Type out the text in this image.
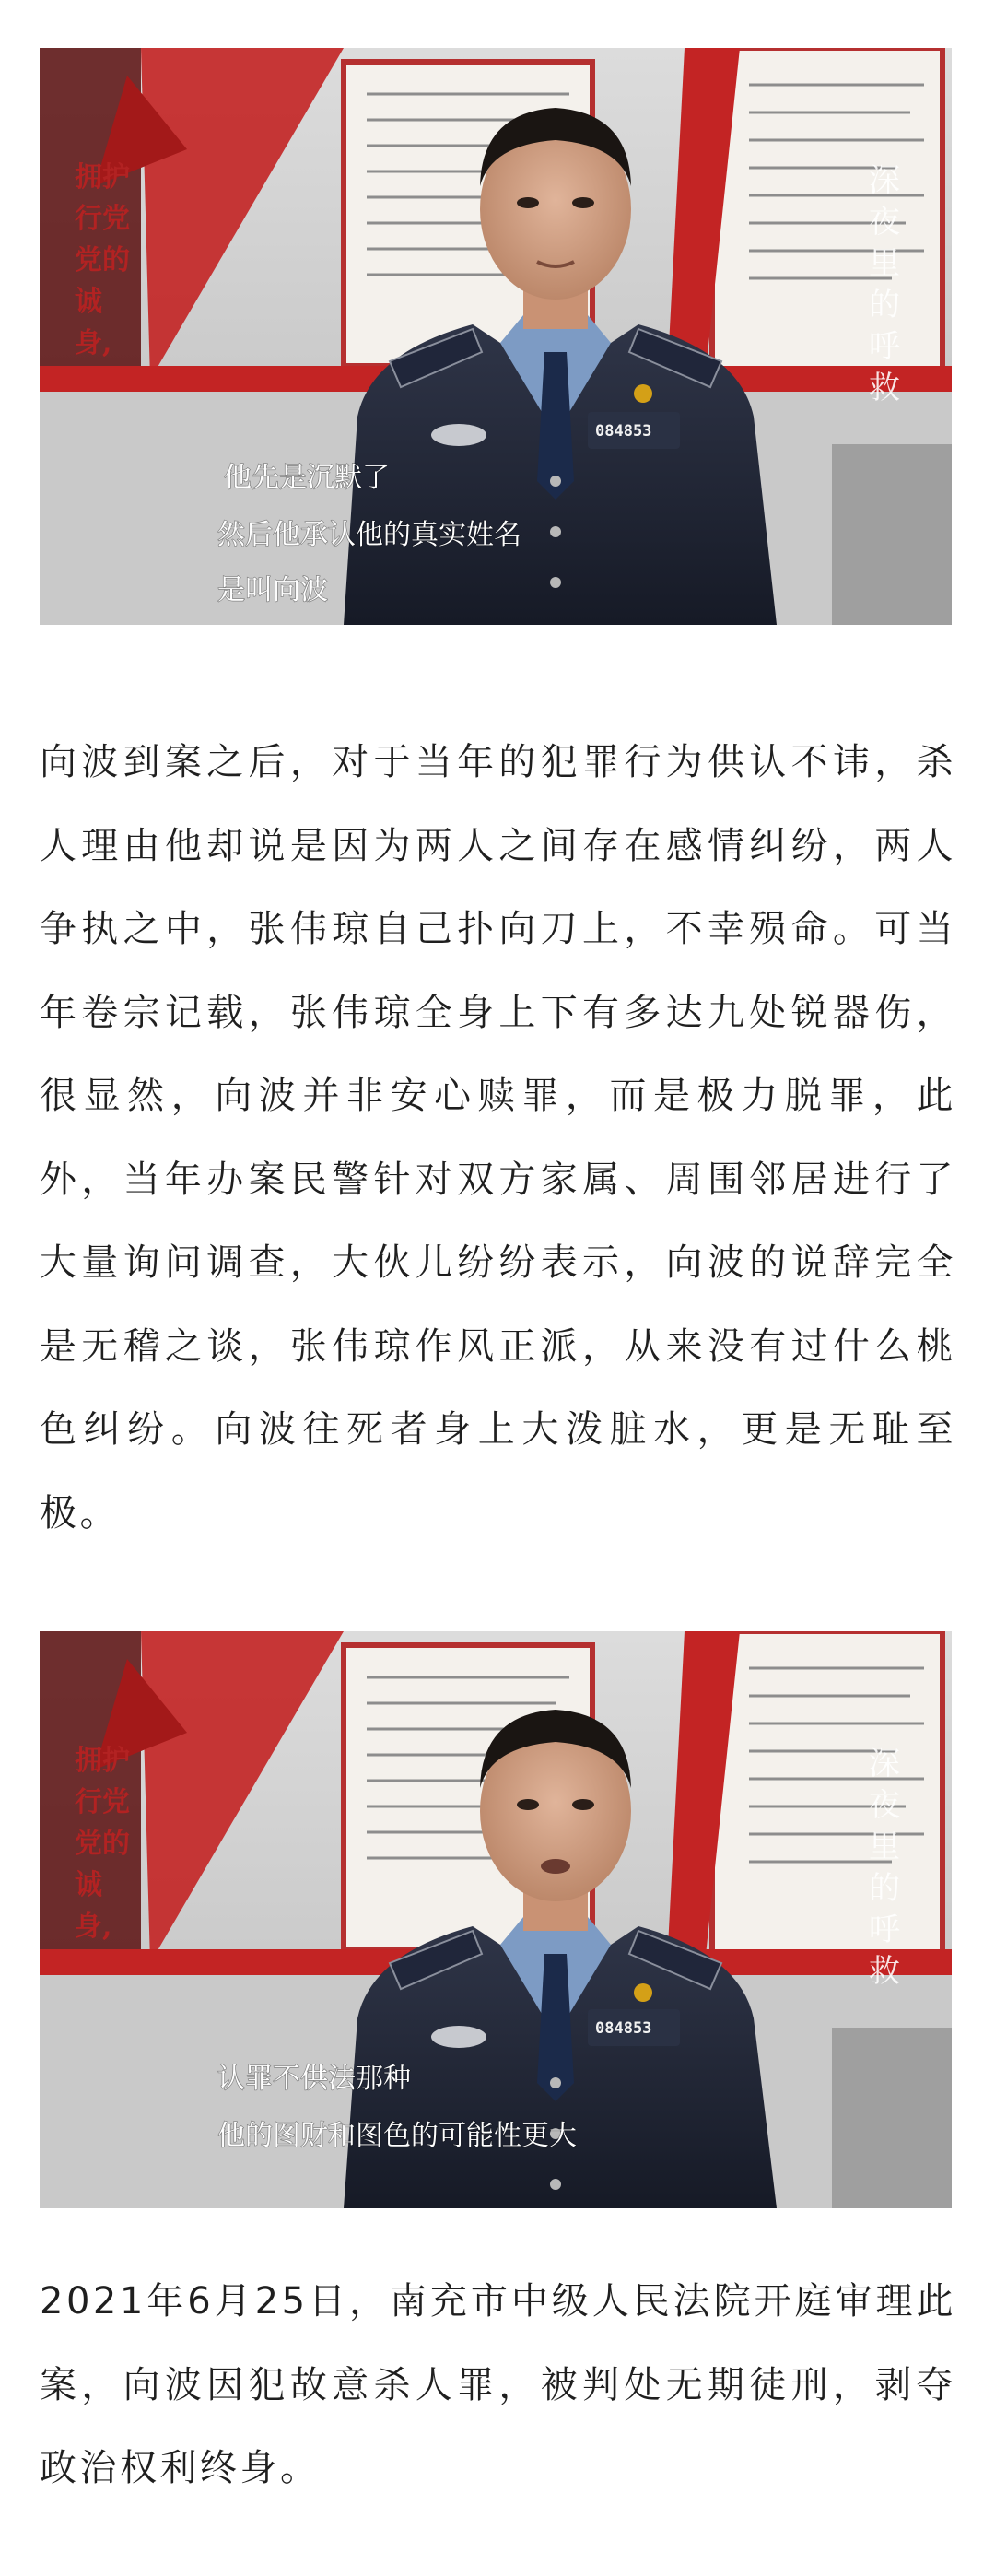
拥护
行党
党的
诚
身,
深
夜
里
的
呼
救
084853
他先是沉默了
然后他承认他的真实姓名
是叫向波

向波到案之后，对于当年的犯罪行为供认不讳，杀人理由他却说是因为两人之间存在感情纠纷，两人争执之中，张伟琼自己扑向刀上，不幸殒命。可当年卷宗记载，张伟琼全身上下有多达九处锐器伤，很显然，向波并非安心赎罪，而是极力脱罪，此外，当年办案民警针对双方家属、周围邻居进行了大量询问调查，大伙儿纷纷表示，向波的说辞完全是无稽之谈，张伟琼作风正派，从来没有过什么桃色纠纷。向波往死者身上大泼脏水，更是无耻至极。

拥护
行党
党的
诚
身,
深
夜
里
的
呼
救
084853
认罪不供法那种
他的图财和图色的可能性更大

2021年6月25日，南充市中级人民法院开庭审理此案，向波因犯故意杀人罪，被判处无期徒刑，剥夺政治权利终身。
